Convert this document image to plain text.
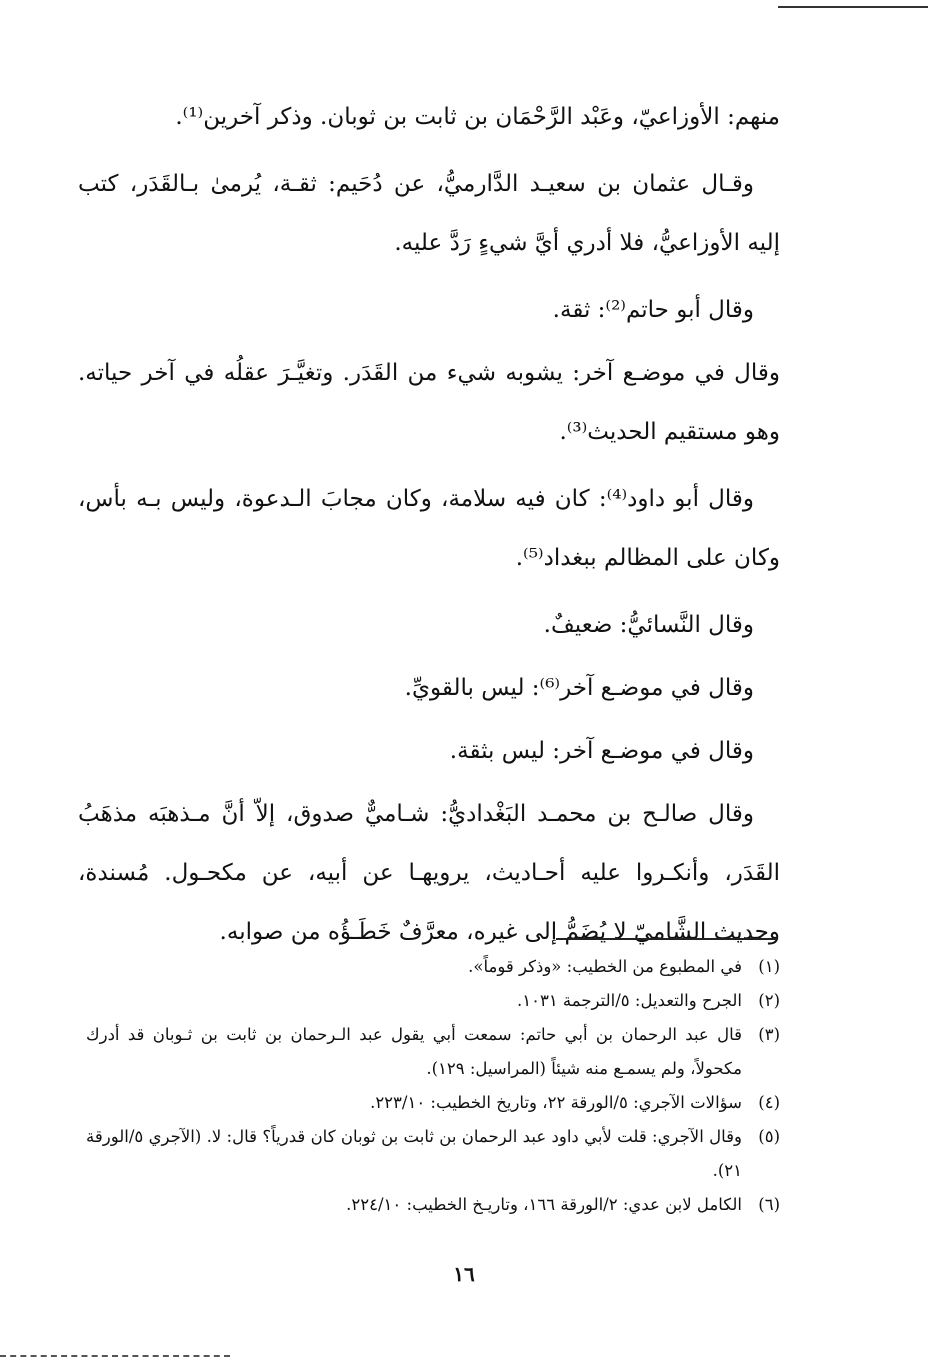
منهم: الأوزاعيّ، وعَبْد الرَّحْمَان بن ثابت بن ثوبان. وذكر آخرين⁽¹⁾.

وقـال عثمان بن سعيـد الدَّارميُّ، عن دُحَيم: ثقـة، يُرمىٰ بـالقَدَر، كتب إليه الأوزاعيُّ، فلا أدري أيَّ شيءٍ رَدَّ عليه.

وقال أبو حاتم⁽²⁾: ثقة.

وقال في موضـع آخر: يشوبه شيء من القَدَر. وتغيَّـرَ عقلُه في آخر حياته. وهو مستقيم الحديث⁽³⁾.

وقال أبو داود⁽⁴⁾: كان فيه سلامة، وكان مجابَ الـدعوة، وليس بـه بأس، وكان على المظالم ببغداد⁽⁵⁾.

وقال النَّسائيُّ: ضعيفٌ.

وقال في موضـع آخر⁽⁶⁾: ليس بالقويِّ.

وقال في موضـع آخر: ليس بثقة.

وقال صالـح بن محمـد البَغْداديُّ: شـاميٌّ صدوق، إلاّ أنَّ مـذهبَه مذهَبُ القَدَر، وأنكـروا عليه أحـاديث، يرويهـا عن أبيه، عن مكحـول. مُسندة، وحديث الشَّاميّ لا يُضَمُّ إلى غيره، معرَّفٌ خَطَـؤُه من صوابه.

(١)
في المطبوع من الخطيب: «وذكر قوماً».
(٢)
الجرح والتعديل: ٥/الترجمة ١٠٣١.
(٣)
قال عبد الرحمان بن أبي حاتم: سمعت أبي يقول عبد الـرحمان بن ثابت بن ثـوبان قد أدرك مكحولاً، ولم يسمـع منه شيئاً (المراسيل: ١٢٩).
(٤)
سؤالات الآجري: ٥/الورقة ٢٢، وتاريخ الخطيب: ٢٢٣/١٠.
(٥)
وقال الآجري: قلت لأبي داود عبد الرحمان بن ثابت بن ثوبان كان قدرياً؟ قال: لا. (الآجري ٥/الورقة ٢١).
(٦)
الكامل لابن عدي: ٢/الورقة ١٦٦، وتاريـخ الخطيب: ٢٢٤/١٠.
١٦
